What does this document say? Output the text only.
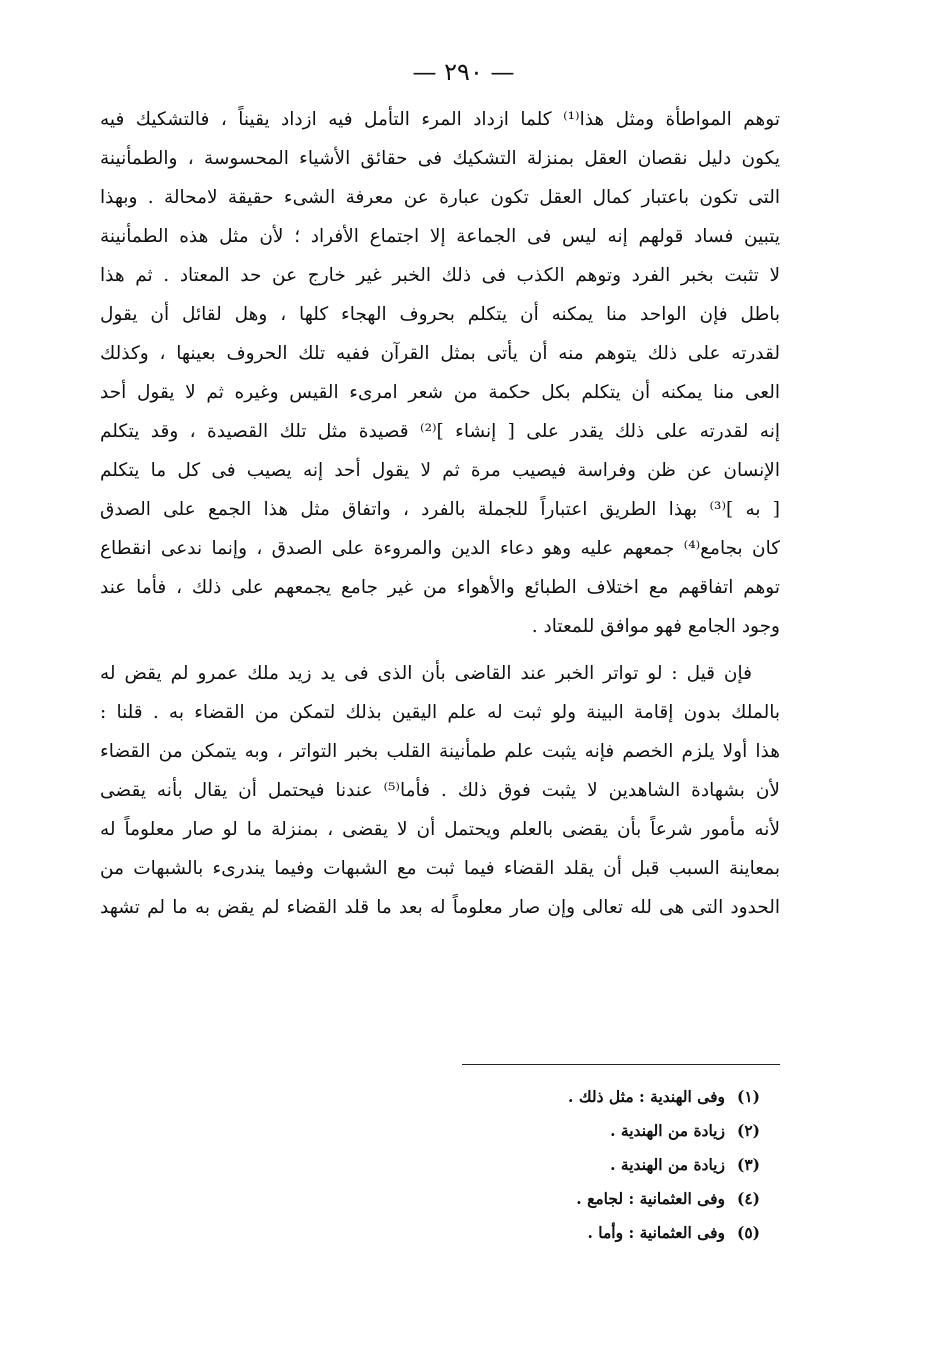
— ٢٩٠ —
توهم المواطأة ومثل هذا⁽¹⁾ كلما ازداد المرء التأمل فيه ازداد يقيناً ، فالتشكيك فيه
يكون دليل نقصان العقل بمنزلة التشكيك فى حقائق الأشياء المحسوسة ، والطمأنينة
التى تكون باعتبار كمال العقل تكون عبارة عن معرفة الشىء حقيقة لامحالة . وبهذا
يتبين فساد قولهم إنه ليس فى الجماعة إلا اجتماع الأفراد ؛ لأن مثل هذه الطمأنينة
لا تثبت بخبر الفرد وتوهم الكذب فى ذلك الخبر غير خارج عن حد المعتاد . ثم هذا
باطل فإن الواحد منا يمكنه أن يتكلم بحروف الهجاء كلها ، وهل لقائل أن يقول
لقدرته على ذلك يتوهم منه أن يأتى بمثل القرآن ففيه تلك الحروف بعينها ، وكذلك
العى منا يمكنه أن يتكلم بكل حكمة من شعر امرىء القيس وغيره ثم لا يقول أحد
إنه لقدرته على ذلك يقدر على [ إنشاء ]⁽²⁾ قصيدة مثل تلك القصيدة ، وقد يتكلم
الإنسان عن ظن وفراسة فيصيب مرة ثم لا يقول أحد إنه يصيب فى كل ما يتكلم
[ به ]⁽³⁾ بهذا الطريق اعتباراً للجملة بالفرد ، واتفاق مثل هذا الجمع على الصدق
كان بجامع⁽⁴⁾ جمعهم عليه وهو دعاء الدين والمروءة على الصدق ، وإنما ندعى انقطاع
توهم اتفاقهم مع اختلاف الطبائع والأهواء من غير جامع يجمعهم على ذلك ، فأما عند
وجود الجامع فهو موافق للمعتاد .
فإن قيل : لو تواتر الخبر عند القاضى بأن الذى فى يد زيد ملك عمرو لم يقض له
بالملك بدون إقامة البينة ولو ثبت له علم اليقين بذلك لتمكن من القضاء به . قلنا :
هذا أولا يلزم الخصم فإنه يثبت علم طمأنينة القلب بخبر التواتر ، وبه يتمكن من القضاء
لأن بشهادة الشاهدين لا يثبت فوق ذلك . فأما⁽⁵⁾ عندنا فيحتمل أن يقال بأنه يقضى
لأنه مأمور شرعاً بأن يقضى بالعلم ويحتمل أن لا يقضى ، بمنزلة ما لو صار معلوماً له
بمعاينة السبب قبل أن يقلد القضاء فيما ثبت مع الشبهات وفيما يندرىء بالشبهات من
الحدود التى هى لله تعالى وإن صار معلوماً له بعد ما قلد القضاء لم يقض به ما لم تشهد
(١)وفى الهندية : مثل ذلك .
(٢)زيادة من الهندية .
(٣)زيادة من الهندية .
(٤)وفى العثمانية : لجامع .
(٥)وفى العثمانية : وأما .
